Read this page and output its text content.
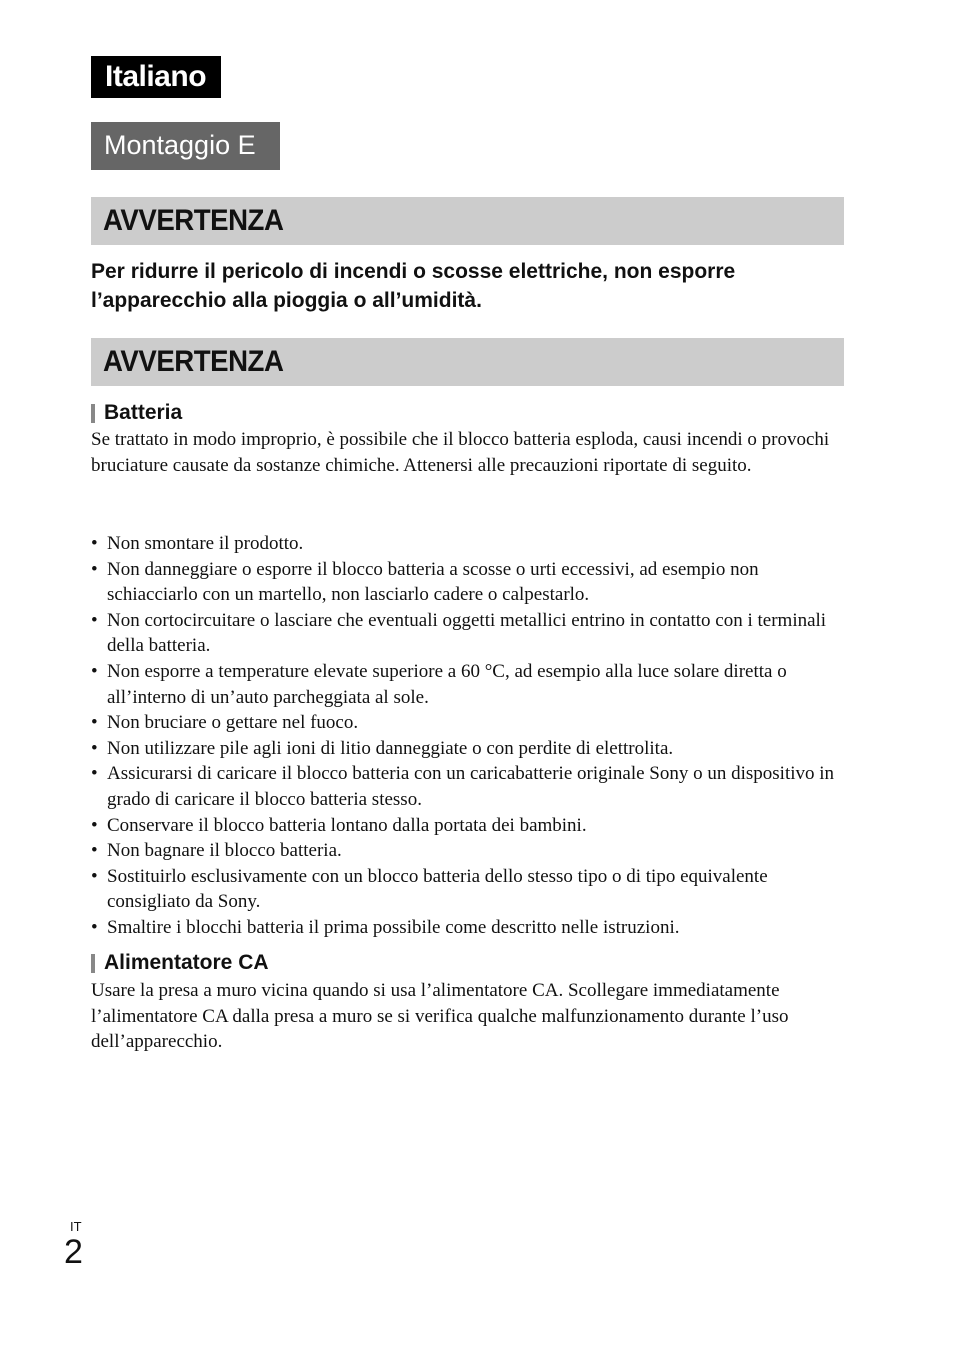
Italiano
Montaggio E
AVVERTENZA

Per ridurre il pericolo di incendi o scosse elettriche, non esporre l’apparecchio alla pioggia o all’umidità.

AVVERTENZA
Batteria

Se trattato in modo improprio, è possibile che il blocco batteria esploda, causi incendi o provochi bruciature causate da sostanze chimiche. Attenersi alle precauzioni riportate di seguito.

• Non smontare il prodotto.
• Non danneggiare o esporre il blocco batteria a scosse o urti eccessivi, ad esempio non schiacciarlo con un martello, non lasciarlo cadere o calpestarlo.
• Non cortocircuitare o lasciare che eventuali oggetti metallici entrino in contatto con i terminali della batteria.
• Non esporre a temperature elevate superiore a 60 °C, ad esempio alla luce solare diretta o all’interno di un’auto parcheggiata al sole.
• Non bruciare o gettare nel fuoco.
• Non utilizzare pile agli ioni di litio danneggiate o con perdite di elettrolita.
• Assicurarsi di caricare il blocco batteria con un caricabatterie originale Sony o un dispositivo in grado di caricare il blocco batteria stesso.
• Conservare il blocco batteria lontano dalla portata dei bambini.
• Non bagnare il blocco batteria.
• Sostituirlo esclusivamente con un blocco batteria dello stesso tipo o di tipo equivalente consigliato da Sony.
• Smaltire i blocchi batteria il prima possibile come descritto nelle istruzioni.
Alimentatore CA

Usare la presa a muro vicina quando si usa l’alimentatore CA. Scollegare immediatamente l’alimentatore CA dalla presa a muro se si verifica qualche malfunzionamento durante l’uso dell’apparecchio.

IT
2
